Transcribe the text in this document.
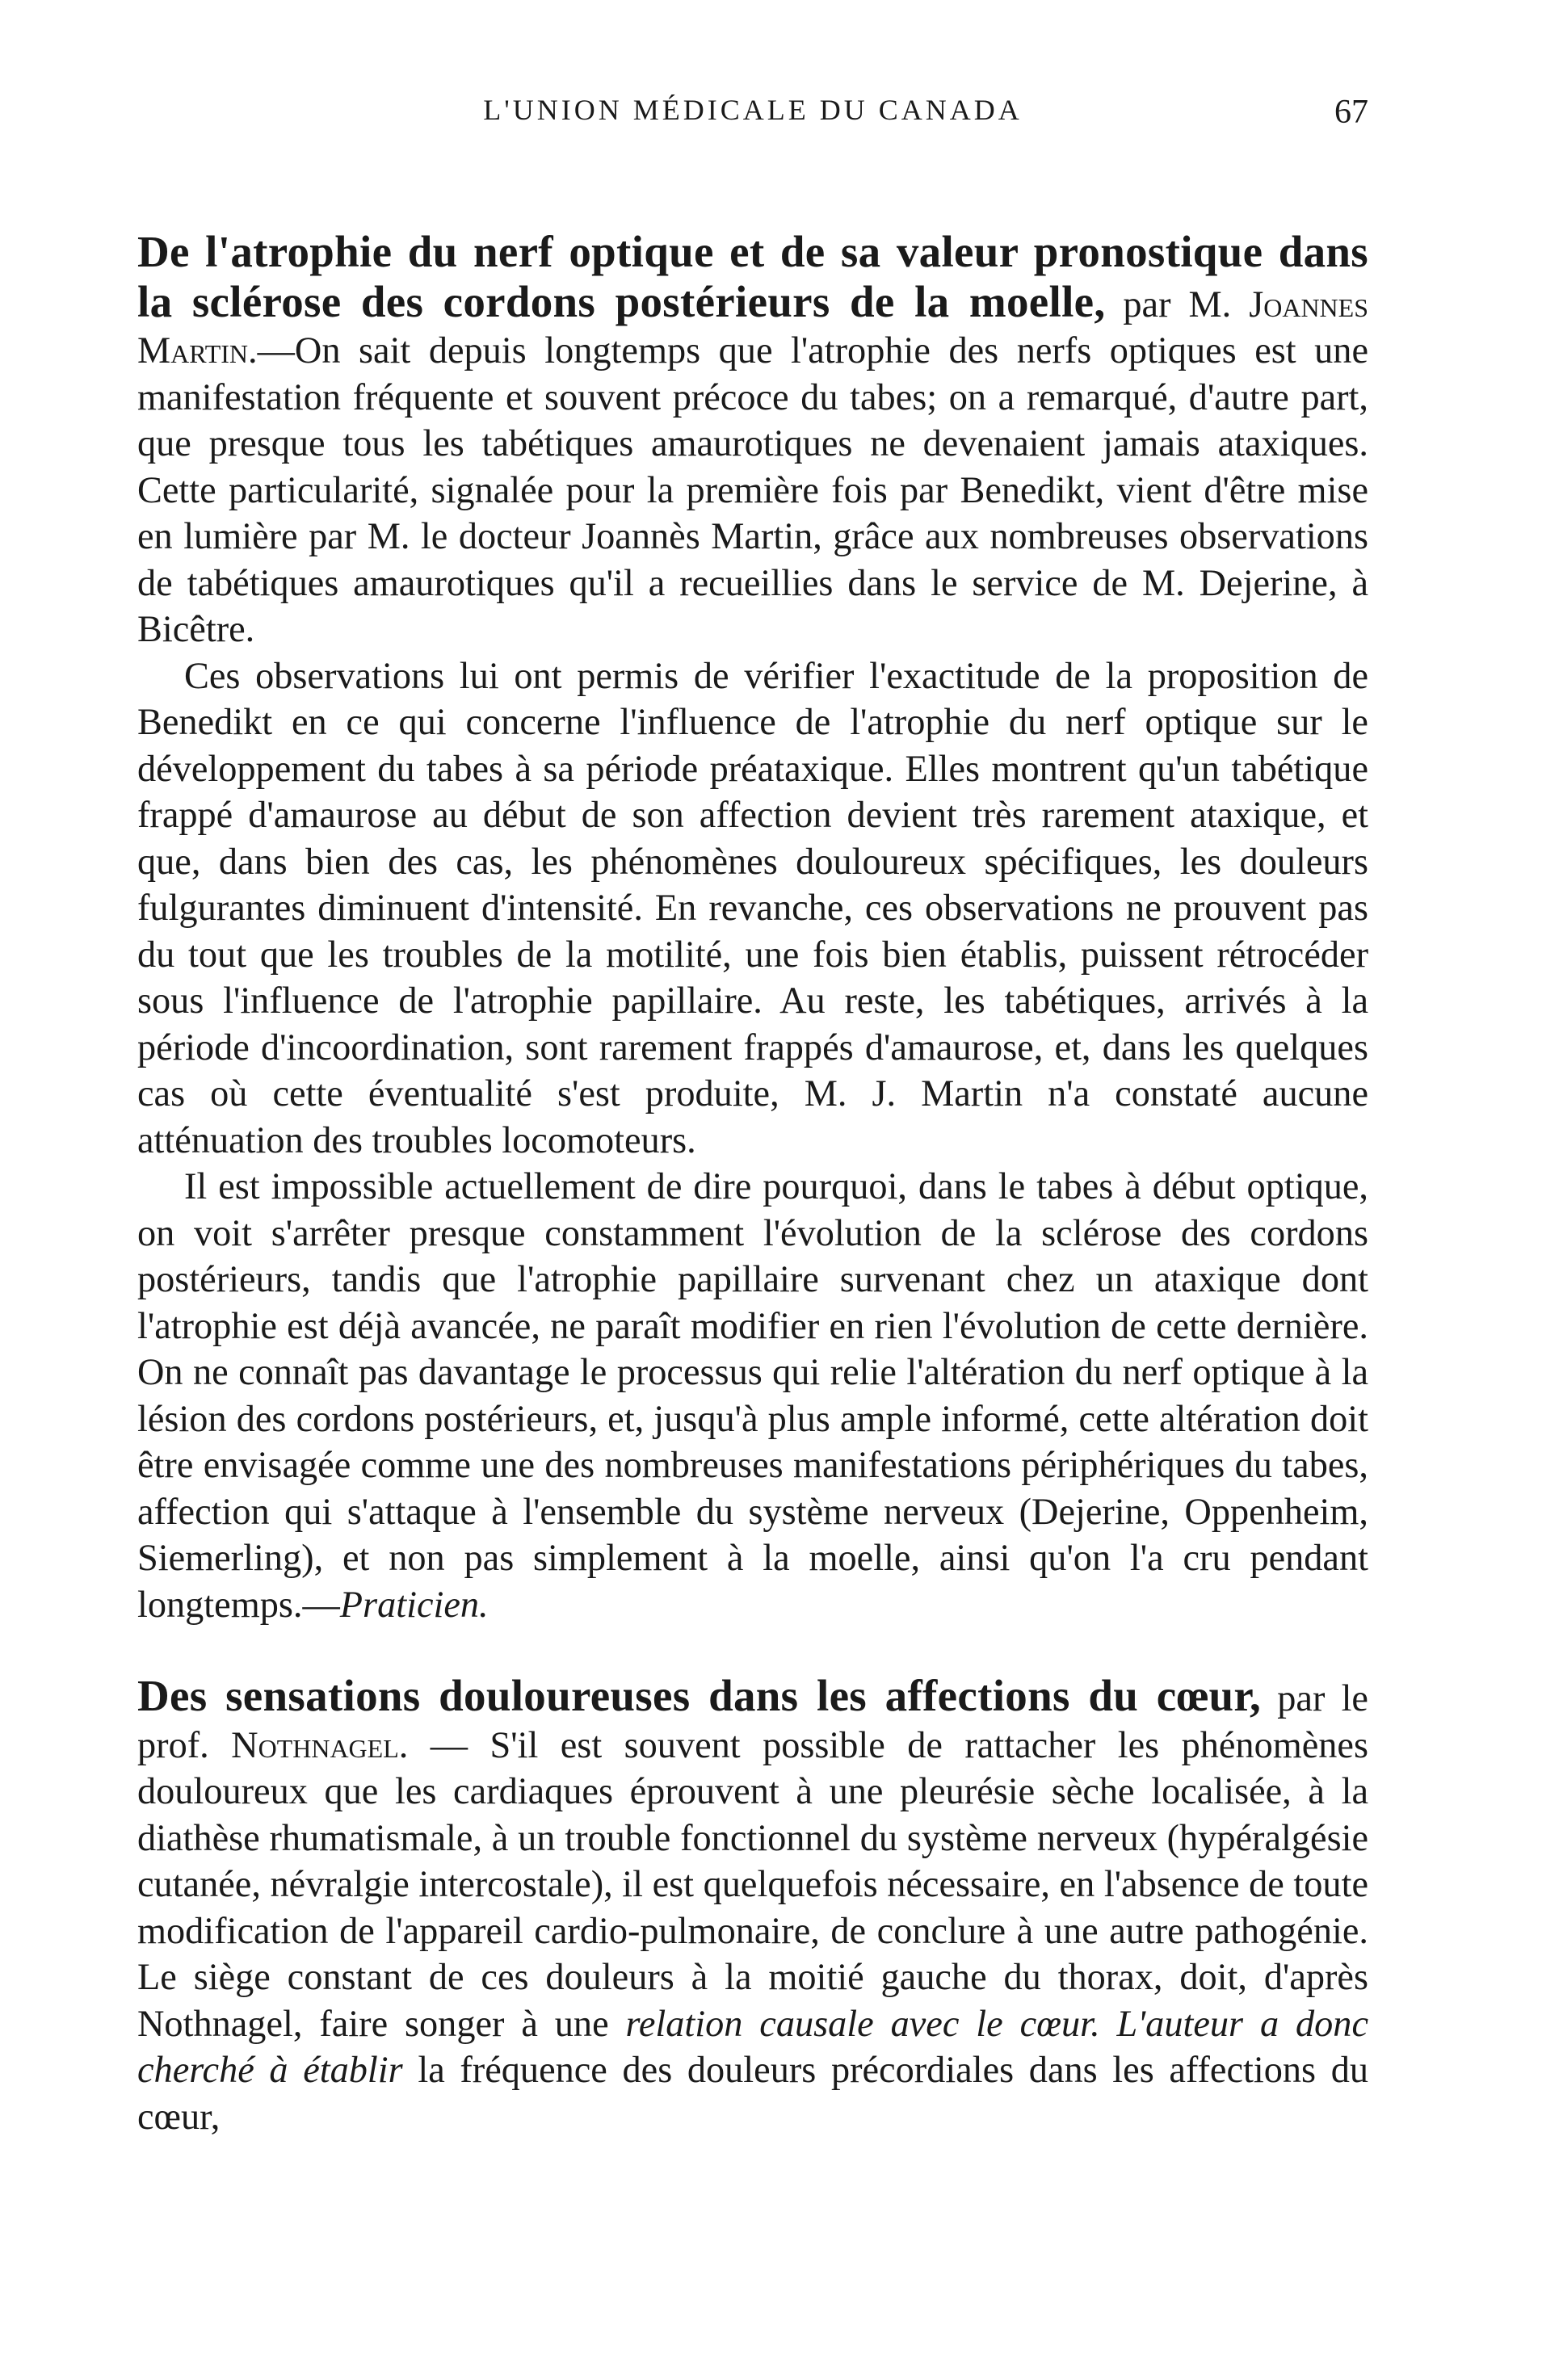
L'UNION MÉDICALE DU CANADA	67

De l'atrophie du nerf optique et de sa valeur pronostique dans la sclérose des cordons postérieurs de la moelle, par M. Joannes Martin.—On sait depuis longtemps que l'atrophie des nerfs optiques est une manifestation fréquente et souvent précoce du tabes; on a remarqué, d'autre part, que presque tous les tabétiques amaurotiques ne devenaient jamais ataxiques. Cette particularité, signalée pour la première fois par Benedikt, vient d'être mise en lumière par M. le docteur Joannès Martin, grâce aux nombreuses observations de tabétiques amaurotiques qu'il a recueillies dans le service de M. Dejerine, à Bicêtre.

Ces observations lui ont permis de vérifier l'exactitude de la proposition de Benedikt en ce qui concerne l'influence de l'atrophie du nerf optique sur le développement du tabes à sa période préataxique. Elles montrent qu'un tabétique frappé d'amaurose au début de son affection devient très rarement ataxique, et que, dans bien des cas, les phénomènes douloureux spécifiques, les douleurs fulgurantes diminuent d'intensité. En revanche, ces observations ne prouvent pas du tout que les troubles de la motilité, une fois bien établis, puissent rétrocéder sous l'influence de l'atrophie papillaire. Au reste, les tabétiques, arrivés à la période d'incoordination, sont rarement frappés d'amaurose, et, dans les quelques cas où cette éventualité s'est produite, M. J. Martin n'a constaté aucune atténuation des troubles locomoteurs.

Il est impossible actuellement de dire pourquoi, dans le tabes à début optique, on voit s'arrêter presque constamment l'évolution de la sclérose des cordons postérieurs, tandis que l'atrophie papillaire survenant chez un ataxique dont l'atrophie est déjà avancée, ne paraît modifier en rien l'évolution de cette dernière. On ne connaît pas davantage le processus qui relie l'altération du nerf optique à la lésion des cordons postérieurs, et, jusqu'à plus ample informé, cette altération doit être envisagée comme une des nombreuses manifestations périphériques du tabes, affection qui s'attaque à l'ensemble du système nerveux (Dejerine, Oppenheim, Siemerling), et non pas simplement à la moelle, ainsi qu'on l'a cru pendant longtemps.—Praticien.

Des sensations douloureuses dans les affections du cœur, par le prof. Nothnagel. — S'il est souvent possible de rattacher les phénomènes douloureux que les cardiaques éprouvent à une pleurésie sèche localisée, à la diathèse rhumatismale, à un trouble fonctionnel du système nerveux (hypéralgésie cutanée, névralgie intercostale), il est quelquefois nécessaire, en l'absence de toute modification de l'appareil cardio-pulmonaire, de conclure à une autre pathogénie. Le siège constant de ces douleurs à la moitié gauche du thorax, doit, d'après Nothnagel, faire songer à une relation causale avec le cœur. L'auteur a donc cherché à établir la fréquence des douleurs précordiales dans les affections du cœur,
